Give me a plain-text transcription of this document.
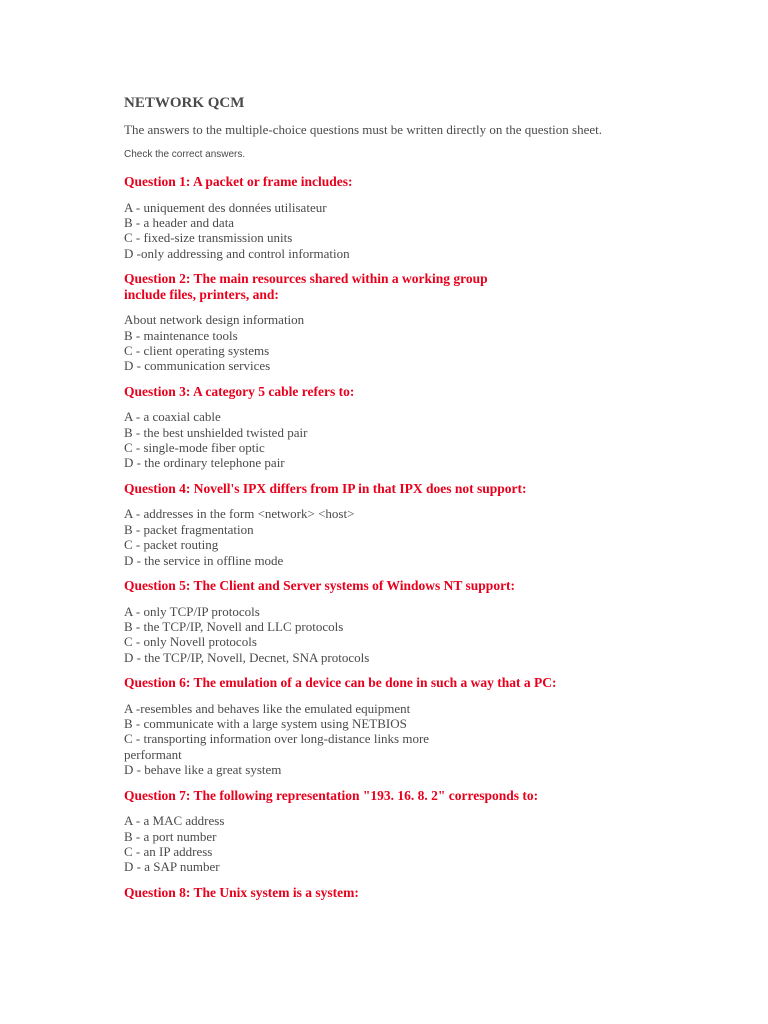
NETWORK QCM
The answers to the multiple-choice questions must be written directly on the question sheet.
Check the correct answers.
Question 1: A packet or frame includes:
A - uniquement des données utilisateur
B - a header and data
C - fixed-size transmission units
D -only addressing and control information
Question 2: The main resources shared within a working group
include files, printers, and:
About network design information
B - maintenance tools
C - client operating systems
D - communication services
Question 3: A category 5 cable refers to:
A - a coaxial cable
B - the best unshielded twisted pair
C - single-mode fiber optic
D - the ordinary telephone pair
Question 4: Novell's IPX differs from IP in that IPX does not support:
A - addresses in the form <network> <host>
B - packet fragmentation
C - packet routing
D - the service in offline mode
Question 5: The Client and Server systems of Windows NT support:
A - only TCP/IP protocols
B - the TCP/IP, Novell and LLC protocols
C - only Novell protocols
D - the TCP/IP, Novell, Decnet, SNA protocols
Question 6: The emulation of a device can be done in such a way that a PC:
A -resembles and behaves like the emulated equipment
B - communicate with a large system using NETBIOS
C - transporting information over long-distance links more
performant
D - behave like a great system
Question 7: The following representation "193. 16. 8. 2" corresponds to:
A - a MAC address
B - a port number
C - an IP address
D - a SAP number
Question 8: The Unix system is a system:
